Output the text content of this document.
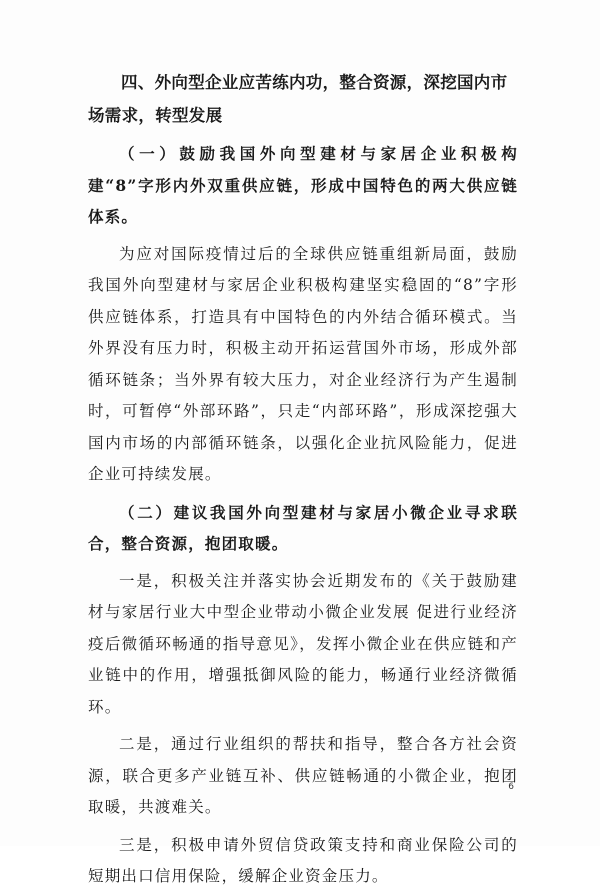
四、外向型企业应苦练内功，整合资源，深挖国内市场需求，转型发展

（一）鼓励我国外向型建材与家居企业积极构建“8”字形内外双重供应链，形成中国特色的两大供应链体系。

为应对国际疫情过后的全球供应链重组新局面，鼓励我国外向型建材与家居企业积极构建坚实稳固的“8”字形供应链体系，打造具有中国特色的内外结合循环模式。当外界没有压力时，积极主动开拓运营国外市场，形成外部循环链条；当外界有较大压力，对企业经济行为产生遏制时，可暂停“外部环路”，只走“内部环路”，形成深挖强大国内市场的内部循环链条，以强化企业抗风险能力，促进企业可持续发展。

（二）建议我国外向型建材与家居小微企业寻求联合，整合资源，抱团取暖。

一是，积极关注并落实协会近期发布的《关于鼓励建材与家居行业大中型企业带动小微企业发展 促进行业经济疫后微循环畅通的指导意见》，发挥小微企业在供应链和产业链中的作用，增强抵御风险的能力，畅通行业经济微循环。

二是，通过行业组织的帮扶和指导，整合各方社会资源，联合更多产业链互补、供应链畅通的小微企业，抱团取暖，共渡难关。

三是，积极申请外贸信贷政策支持和商业保险公司的短期出口信用保险，缓解企业资金压力。

6
